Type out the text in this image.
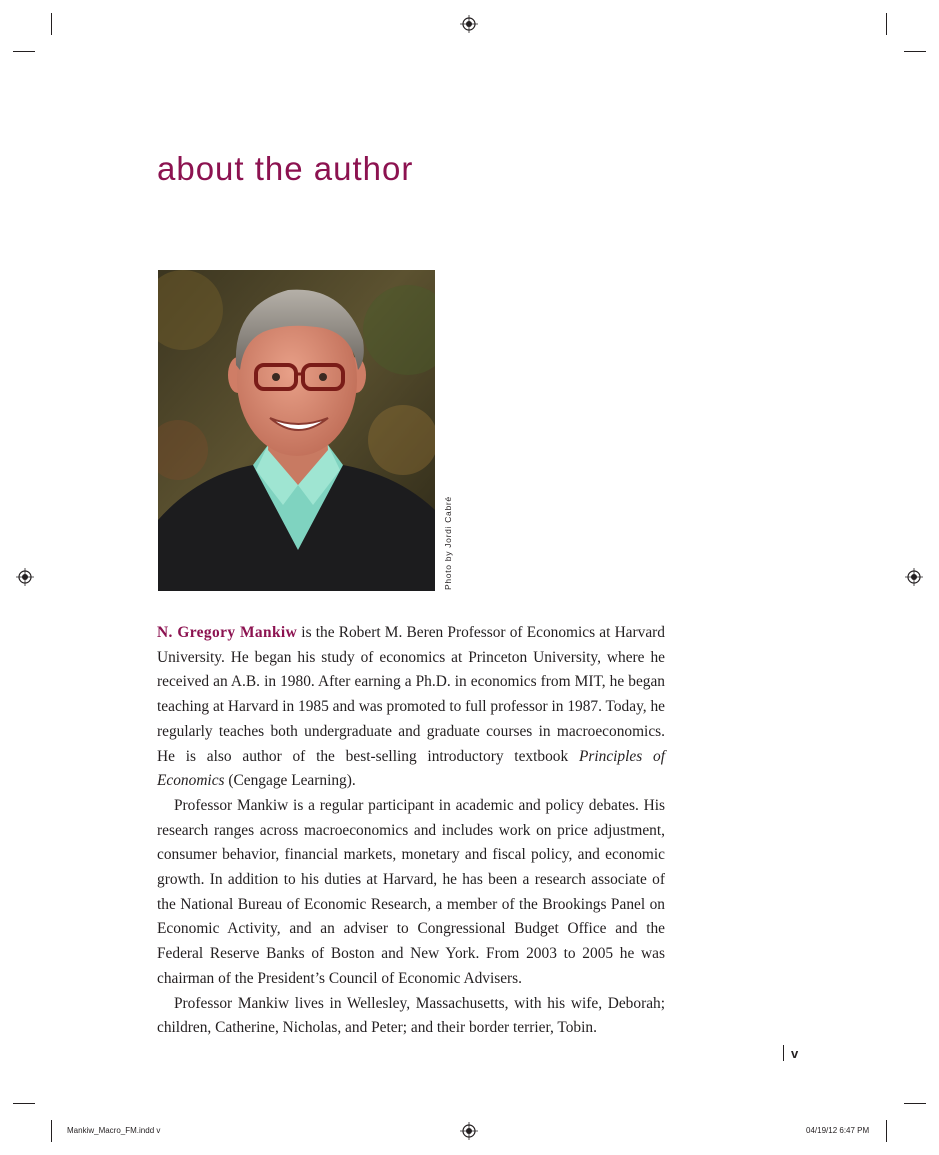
about the author
Photo by Jordi Cabré

N. Gregory Mankiw is the Robert M. Beren Professor of Economics at Harvard University. He began his study of economics at Princeton University, where he received an A.B. in 1980. After earning a Ph.D. in economics from MIT, he began teaching at Harvard in 1985 and was promoted to full professor in 1987. Today, he regularly teaches both undergraduate and graduate courses in macroeconomics. He is also author of the best-selling introductory textbook Principles of Economics (Cengage Learning).

Professor Mankiw is a regular participant in academic and policy debates. His research ranges across macroeconomics and includes work on price adjustment, consumer behavior, financial markets, monetary and fiscal policy, and economic growth. In addition to his duties at Harvard, he has been a research associate of the National Bureau of Economic Research, a member of the Brookings Panel on Economic Activity, and an adviser to Congressional Budget Office and the Federal Reserve Banks of Boston and New York. From 2003 to 2005 he was chairman of the President’s Council of Economic Advisers.

Professor Mankiw lives in Wellesley, Massachusetts, with his wife, Deborah; children, Catherine, Nicholas, and Peter; and their border terrier, Tobin.

v
Mankiw_Macro_FM.indd v	04/19/12 6:47 PM
